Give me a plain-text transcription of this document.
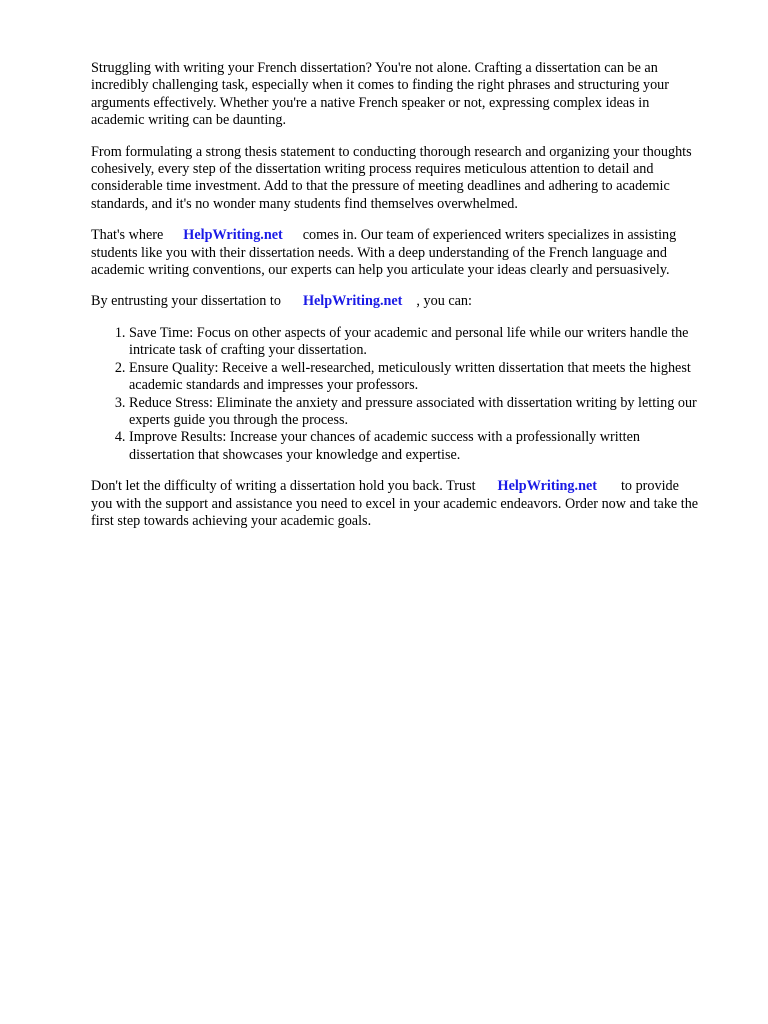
Struggling with writing your French dissertation? You're not alone. Crafting a dissertation can be an incredibly challenging task, especially when it comes to finding the right phrases and structuring your arguments effectively. Whether you're a native French speaker or not, expressing complex ideas in academic writing can be daunting.

From formulating a strong thesis statement to conducting thorough research and organizing your thoughts cohesively, every step of the dissertation writing process requires meticulous attention to detail and considerable time investment. Add to that the pressure of meeting deadlines and adhering to academic standards, and it's no wonder many students find themselves overwhelmed.

That's where HelpWriting.net comes in. Our team of experienced writers specializes in assisting students like you with their dissertation needs. With a deep understanding of the French language and academic writing conventions, our experts can help you articulate your ideas clearly and persuasively.

By entrusting your dissertation to HelpWriting.net , you can:

1. Save Time: Focus on other aspects of your academic and personal life while our writers handle the intricate task of crafting your dissertation.
2. Ensure Quality: Receive a well-researched, meticulously written dissertation that meets the highest academic standards and impresses your professors.
3. Reduce Stress: Eliminate the anxiety and pressure associated with dissertation writing by letting our experts guide you through the process.
4. Improve Results: Increase your chances of academic success with a professionally written dissertation that showcases your knowledge and expertise.

Don't let the difficulty of writing a dissertation hold you back. Trust HelpWriting.net to provide you with the support and assistance you need to excel in your academic endeavors. Order now and take the first step towards achieving your academic goals.
